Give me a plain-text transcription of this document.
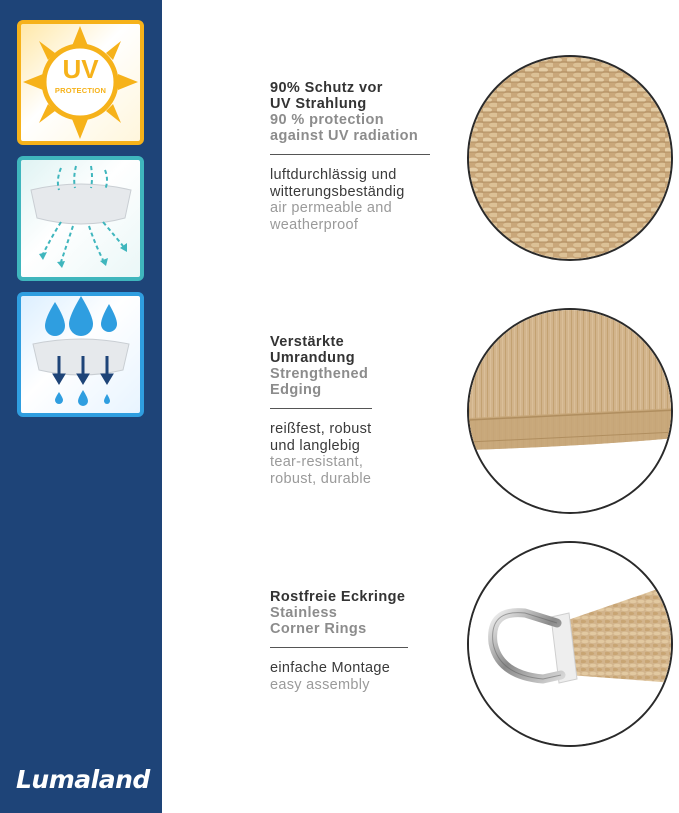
UV
PROTECTION
Lumaland
90% Schutz vor
UV Strahlung
90 % protection
against UV radiation
luftdurchlässig und
witterungsbeständig
air permeable and
weatherproof
Verstärkte
Umrandung
Strengthened
Edging
reißfest, robust
und langlebig
tear-resistant,
robust, durable
Rostfreie Eckringe
Stainless
Corner Rings
einfache Montage
easy assembly
